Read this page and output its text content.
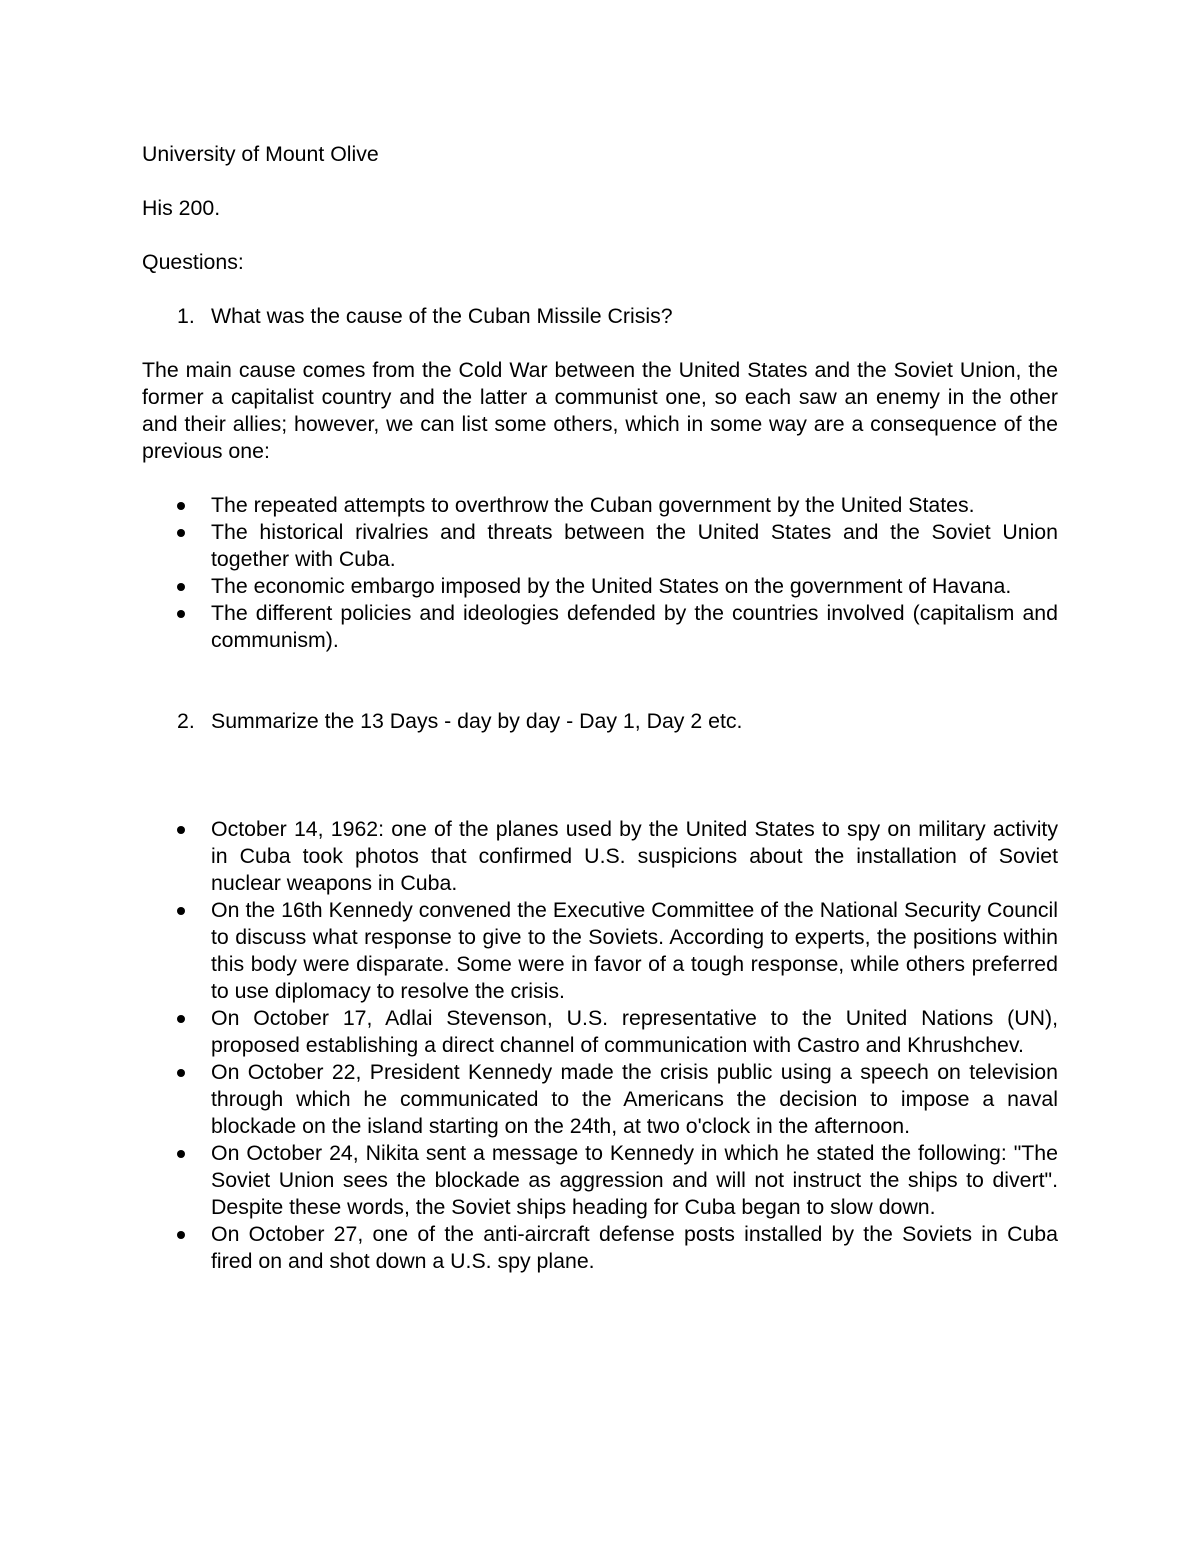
University of Mount Olive

His 200.

Questions:

1. What was the cause of the Cuban Missile Crisis?

The main cause comes from the Cold War between the United States and the Soviet Union, the former a capitalist country and the latter a communist one, so each saw an enemy in the other and their allies; however, we can list some others, which in some way are a consequence of the previous one:

The repeated attempts to overthrow the Cuban government by the United States.
The historical rivalries and threats between the United States and the Soviet Union together with Cuba.
The economic embargo imposed by the United States on the government of Havana.
The different policies and ideologies defended by the countries involved (capitalism and communism).
2. Summarize the 13 Days - day by day - Day 1, Day 2 etc.
October 14, 1962: one of the planes used by the United States to spy on military activity in Cuba took photos that confirmed U.S. suspicions about the installation of Soviet nuclear weapons in Cuba.
On the 16th Kennedy convened the Executive Committee of the National Security Council to discuss what response to give to the Soviets. According to experts, the positions within this body were disparate. Some were in favor of a tough response, while others preferred to use diplomacy to resolve the crisis.
On October 17, Adlai Stevenson, U.S. representative to the United Nations (UN), proposed establishing a direct channel of communication with Castro and Khrushchev.
On October 22, President Kennedy made the crisis public using a speech on television through which he communicated to the Americans the decision to impose a naval blockade on the island starting on the 24th, at two o'clock in the afternoon.
On October 24, Nikita sent a message to Kennedy in which he stated the following: "The Soviet Union sees the blockade as aggression and will not instruct the ships to divert". Despite these words, the Soviet ships heading for Cuba began to slow down.
On October 27, one of the anti-aircraft defense posts installed by the Soviets in Cuba fired on and shot down a U.S. spy plane.
